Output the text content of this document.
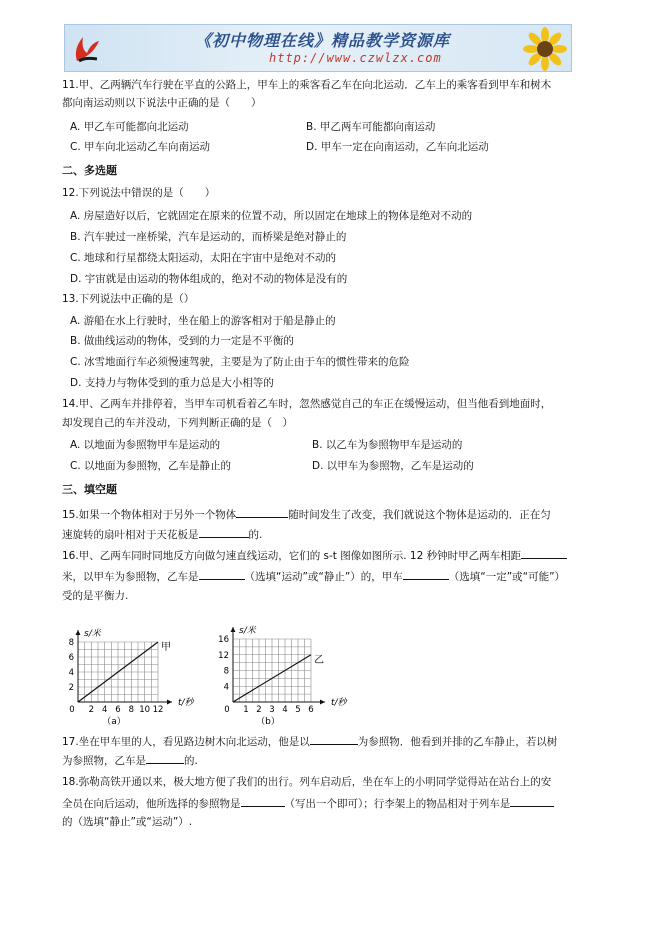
《初中物理在线》精品教学资源库
http://www.czwlzx.com
11.甲、乙两辆汽车行驶在平直的公路上，甲车上的乘客看乙车在向北运动．乙车上的乘客看到甲车和树木
都向南运动则以下说法中正确的是（　　）
A. 甲乙车可能都向北运动	B. 甲乙两车可能都向南运动
C. 甲车向北运动乙车向南运动	D. 甲车一定在向南运动，乙车向北运动
二、多选题
12.下列说法中错误的是（　　）
A. 房屋造好以后，它就固定在原来的位置不动，所以固定在地球上的物体是绝对不动的
B. 汽车驶过一座桥梁，汽车是运动的，而桥梁是绝对静止的
C. 地球和行星都绕太阳运动，太阳在宇宙中是绝对不动的
D. 宇宙就是由运动的物体组成的，绝对不动的物体是没有的
13.下列说法中正确的是（）
A. 游船在水上行驶时，坐在船上的游客相对于船是静止的
B. 做曲线运动的物体，受到的力一定是不平衡的
C. 冰雪地面行车必须慢速驾驶，主要是为了防止由于车的惯性带来的危险
D. 支持力与物体受到的重力总是大小相等的
14.甲、乙两车并排停着，当甲车司机看着乙车时，忽然感觉自己的车正在缓慢运动，但当他看到地面时，
却发现自己的车并没动，下列判断正确的是（　）
A. 以地面为参照物甲车是运动的	B. 以乙车为参照物甲车是运动的
C. 以地面为参照物，乙车是静止的	D. 以甲车为参照物，乙车是运动的
三、填空题
15.如果一个物体相对于另外一个物体	随时间发生了改变，我们就说这个物体是运动的．正在匀
速旋转的扇叶相对于天花板是	的.
16.甲、乙两车同时同地反方向做匀速直线运动，它们的 s-t 图像如图所示. 12 秒钟时甲乙两车相距
米，以甲车为参照物，乙车是	（选填“运动”或“静止”）的，甲车	（选填“一定”或“可能”）
受的是平衡力.
0 2 4 6 8 10 12
2
4
6
8
s/米
t/秒
甲
（a）
0 1 2 3 4 5 6
4
8
12
16
s/米
t/秒
乙
（b）
17.坐在甲车里的人，看见路边树木向北运动，他是以	为参照物．他看到并排的乙车静止，若以树
为参照物，乙车是	的.
18.弥勒高铁开通以来，极大地方便了我们的出行。列车启动后，坐在车上的小明同学觉得站在站台上的安
全员在向后运动，他所选择的参照物是	（写出一个即可）；行李架上的物品相对于列车是
的（选填“静止”或“运动”）.
